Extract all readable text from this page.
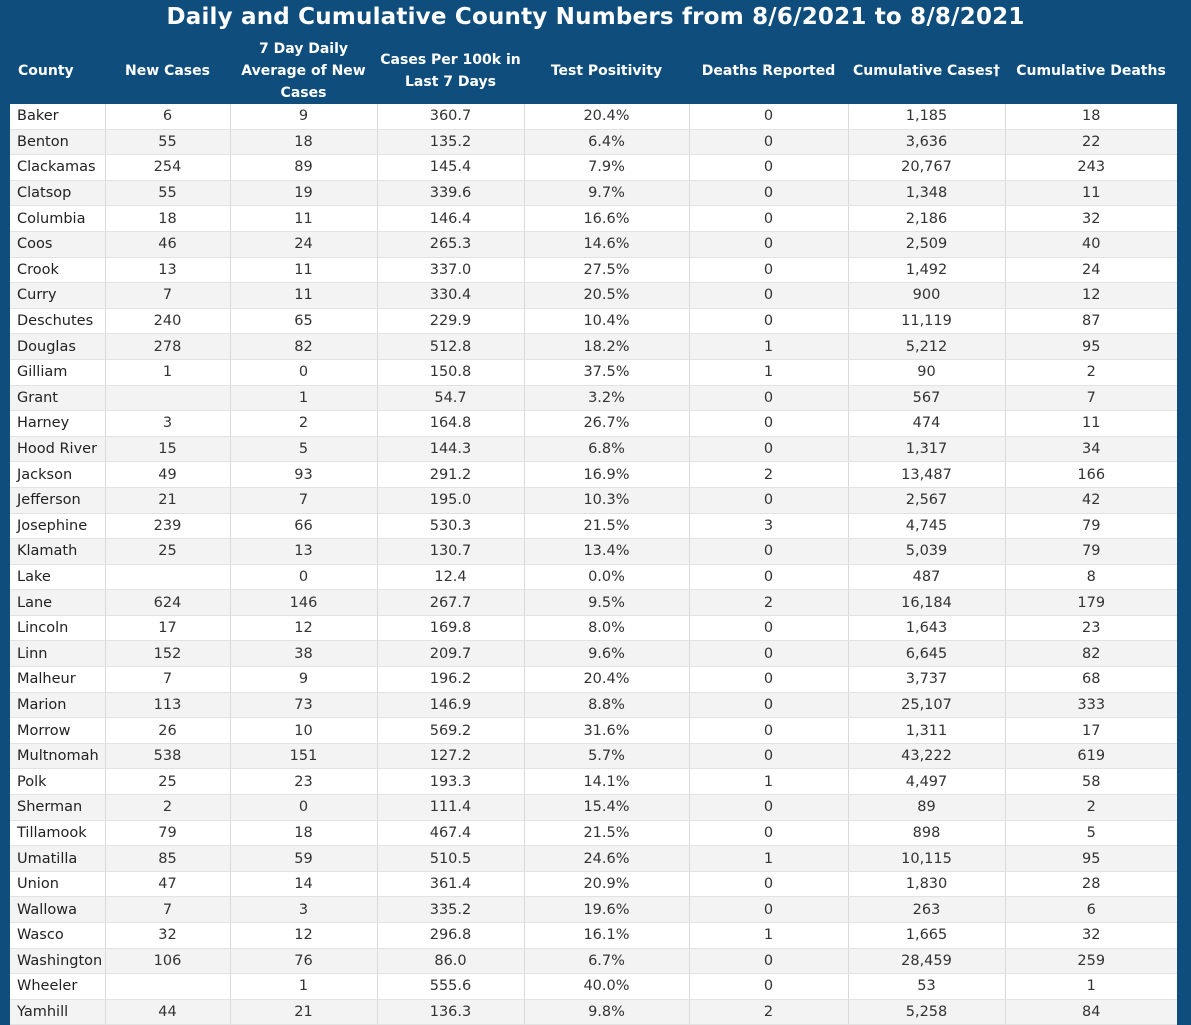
Daily and Cumulative County Numbers from 8/6/2021 to 8/8/2021
County	New Cases	7 Day Daily Average of New Cases	Cases Per 100k in Last 7 Days	Test Positivity	Deaths Reported	Cumulative Cases†	Cumulative Deaths
Baker	6	9	360.7	20.4%	0	1,185	18
Benton	55	18	135.2	6.4%	0	3,636	22
Clackamas	254	89	145.4	7.9%	0	20,767	243
Clatsop	55	19	339.6	9.7%	0	1,348	11
Columbia	18	11	146.4	16.6%	0	2,186	32
Coos	46	24	265.3	14.6%	0	2,509	40
Crook	13	11	337.0	27.5%	0	1,492	24
Curry	7	11	330.4	20.5%	0	900	12
Deschutes	240	65	229.9	10.4%	0	11,119	87
Douglas	278	82	512.8	18.2%	1	5,212	95
Gilliam	1	0	150.8	37.5%	1	90	2
Grant		1	54.7	3.2%	0	567	7
Harney	3	2	164.8	26.7%	0	474	11
Hood River	15	5	144.3	6.8%	0	1,317	34
Jackson	49	93	291.2	16.9%	2	13,487	166
Jefferson	21	7	195.0	10.3%	0	2,567	42
Josephine	239	66	530.3	21.5%	3	4,745	79
Klamath	25	13	130.7	13.4%	0	5,039	79
Lake		0	12.4	0.0%	0	487	8
Lane	624	146	267.7	9.5%	2	16,184	179
Lincoln	17	12	169.8	8.0%	0	1,643	23
Linn	152	38	209.7	9.6%	0	6,645	82
Malheur	7	9	196.2	20.4%	0	3,737	68
Marion	113	73	146.9	8.8%	0	25,107	333
Morrow	26	10	569.2	31.6%	0	1,311	17
Multnomah	538	151	127.2	5.7%	0	43,222	619
Polk	25	23	193.3	14.1%	1	4,497	58
Sherman	2	0	111.4	15.4%	0	89	2
Tillamook	79	18	467.4	21.5%	0	898	5
Umatilla	85	59	510.5	24.6%	1	10,115	95
Union	47	14	361.4	20.9%	0	1,830	28
Wallowa	7	3	335.2	19.6%	0	263	6
Wasco	32	12	296.8	16.1%	1	1,665	32
Washington	106	76	86.0	6.7%	0	28,459	259
Wheeler		1	555.6	40.0%	0	53	1
Yamhill	44	21	136.3	9.8%	2	5,258	84
